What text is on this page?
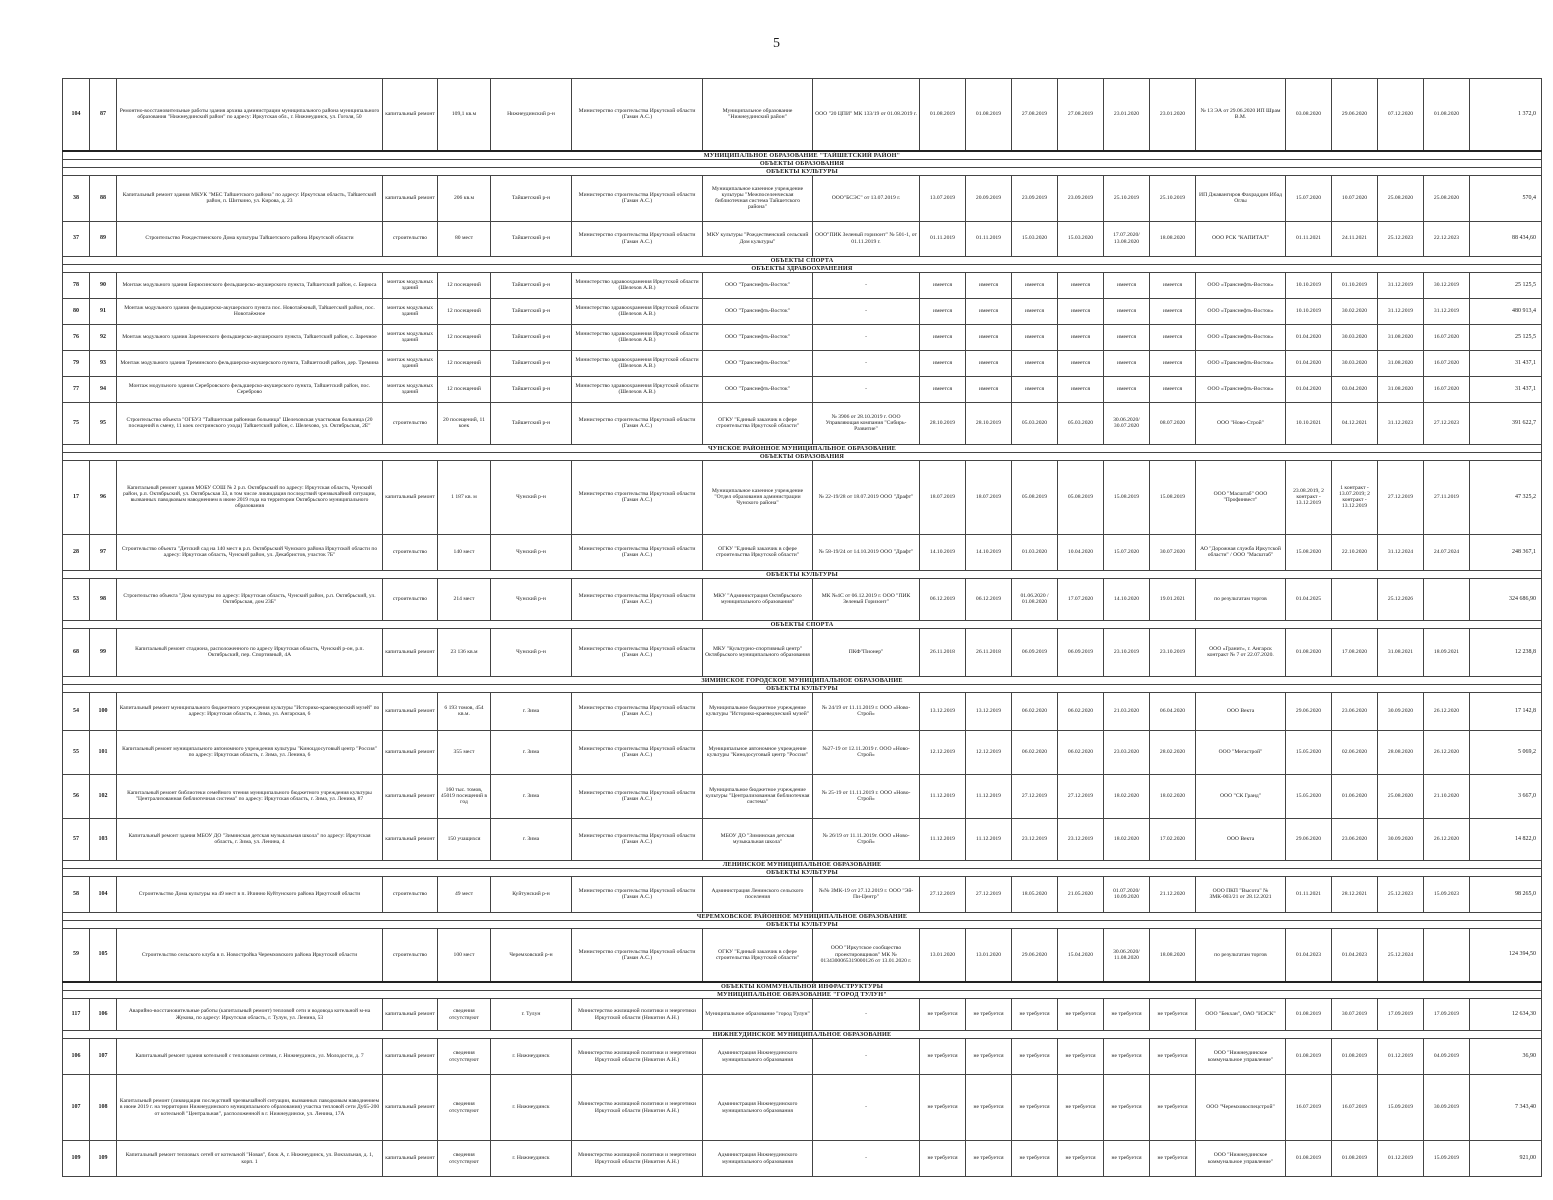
5
104	87	Ремонтно-восстановительные работы здания архива администрации муниципального района муниципального образования "Нижнеудинский район" по адресу: Иркутская обл., г. Нижнеудинск, ул. Гоголя, 50	капитальный ремонт	109,1 кв.м	Нижнеудинский р-н	Министерство строительства Иркутской области (Гаман А.С.)	Муниципальное образование "Нижнеудинский район"	ООО "20 ЦПИ" МК 133/19 от 01.08.2019 г.	01.08.2019	01.08.2019	27.08.2019	27.08.2019	23.01.2020	23.01.2020	№ 13 ЭА от 29.06.2020 ИП Шрам В.М.	03.08.2020	29.06.2020	07.12.2020	01.08.2020	1 372,0
МУНИЦИПАЛЬНОЕ ОБРАЗОВАНИЕ "ТАЙШЕТСКИЙ РАЙОН"																				
ОБЪЕКТЫ ОБРАЗОВАНИЯ																				
ОБЪЕКТЫ КУЛЬТУРЫ																				
38	88	Капитальный ремонт здания МКУК "МБС Тайшетского района" по адресу: Иркутская область, Тайшетский район, п. Шиткино, ул. Кирова, д. 23	капитальный ремонт	206 кв.м	Тайшетский р-н	Министерство строительства Иркутской области (Гаман А.С.)	Муниципальное казенное учреждение культуры "Межпоселенческая библиотечная система Тайшетского района"	ООО"БСЭС" от 13.07.2019 г.	13.07.2019	20.09.2019	23.09.2019	23.09.2019	25.10.2019	25.10.2019	ИП Джавангиров Фахраддин Ибад Оглы	15.07.2020	10.07.2020	25.08.2020	25.08.2020	570,4
37	89	Строительство Рождественского Дома культуры Тайшетского района Иркутской области	строительство	80 мест	Тайшетский р-н	Министерство строительства Иркутской области (Гаман А.С.)	МКУ культуры "Рождественский сельский Дом культуры"	ООО"ПИК Зеленый горизонт" № 501-1, от 01.11.2019 г.	01.11.2019	01.11.2019	15.03.2020	15.03.2020	17.07.2020/ 13.08.2020	18.08.2020	ООО РСК "КАПИТАЛ"	01.11.2021	24.11.2021	25.12.2023	22.12.2023	88 434,60
ОБЪЕКТЫ СПОРТА																				
ОБЪЕКТЫ ЗДРАВООХРАНЕНИЯ																				
78	90	Монтаж модульного здания Бирюсинского фельдшерско-акушерского пункта, Тайшетский район, с. Бирюса	монтаж модульных зданий	12 посещений	Тайшетский р-н	Министерство здравоохранения Иркутской области (Шелехов А.В.)	ООО "Транснефть-Восток"	-	имеется	имеется	имеется	имеется	имеется	имеется	ООО «Транснефть-Восток»	10.10.2019	01.10.2019	31.12.2019	30.12.2019	25 125,5
80	91	Монтаж модульного здания фельдшерско-акушерского пункта пос. Новотаёжный, Тайшетский район, пос. Новотаёжное	монтаж модульных зданий	12 посещений	Тайшетский р-н	Министерство здравоохранения Иркутской области (Шелехов А.В.)	ООО "Транснефть-Восток"	-	имеется	имеется	имеется	имеется	имеется	имеется	ООО «Транснефть-Восток»	10.10.2019	30.02.2020	31.12.2019	31.12.2019	480 913,4
76	92	Монтаж модульного здания Зареченского фельдшерско-акушерского пункта, Тайшетский район, с. Заречное	монтаж модульных зданий	12 посещений	Тайшетский р-н	Министерство здравоохранения Иркутской области (Шелехов А.В.)	ООО "Транснефть-Восток"	-	имеется	имеется	имеется	имеется	имеется	имеется	ООО «Транснефть-Восток»	01.04.2020	30.03.2020	31.08.2020	16.07.2020	25 125,5
79	93	Монтаж модульного здания Треминского фельдшерско-акушерского пункта, Тайшетский район, дер. Тремина	монтаж модульных зданий	12 посещений	Тайшетский р-н	Министерство здравоохранения Иркутской области (Шелехов А.В.)	ООО "Транснефть-Восток"	-	имеется	имеется	имеется	имеется	имеется	имеется	ООО «Транснефть-Восток»	01.04.2020	30.03.2020	31.08.2020	16.07.2020	31 437,1
77	94	Монтаж модульного здания Серебровского фельдшерско-акушерского пункта, Тайшетский район, пос. Сереброво	монтаж модульных зданий	12 посещений	Тайшетский р-н	Министерство здравоохранения Иркутской области (Шелехов А.В.)	ООО "Транснефть-Восток"	-	имеется	имеется	имеется	имеется	имеется	имеется	ООО «Транснефть-Восток»	01.04.2020	03.04.2020	31.08.2020	16.07.2020	31 437,1
75	95	Строительство объекта "ОГБУЗ "Тайшетская районная больница" Шелеховская участковая больница (20 посещений в смену, 11 коек сестринского ухода) Тайшетский район, с. Шелехово, ул. Октябрьская, 2Е"	строительство	20 посещений, 11 коек	Тайшетский р-н	Министерство строительства Иркутской области (Гаман А.С.)	ОГКУ "Единый заказчик в сфере строительства Иркутской области"	№ 3906 от 28.10.2019 г. ООО Управляющая компания "Сибирь-Развитие"	28.10.2019	28.10.2019	05.03.2020	05.03.2020	30.06.2020/ 30.07.2020	08.07.2020	ООО "Ново-Строй"	10.10.2021	04.12.2021	31.12.2023	27.12.2023	391 622,7
ЧУНСКОЕ РАЙОННОЕ МУНИЦИПАЛЬНОЕ ОБРАЗОВАНИЕ																				
ОБЪЕКТЫ ОБРАЗОВАНИЯ																				
17	96	Капитальный ремонт здания МОБУ СОШ № 2 р.п. Октябрьский по адресу: Иркутская область, Чунский район, р.п. Октябрьский, ул. Октябрьская 33, в том числе ликвидация последствий чрезвычайной ситуации, вызванных паводковым наводнением в июне 2019 года на территории Октябрьского муниципального образования	капитальный ремонт	1 187 кв. м	Чунский р-н	Министерство строительства Иркутской области (Гаман А.С.)	Муниципальное казенное учреждение "Отдел образования администрации Чунского района"	№ 22-19/28 от 18.07.2019 ООО "Драфт"	18.07.2019	18.07.2019	05.08.2019	05.08.2019	15.08.2019	15.08.2019	ООО "Масштаб" ООО "Профинвест"	23.08.2019, 2 контракт - 13.12.2019	1 контракт - 13.07.2019; 2 контракт - 13.12.2019	27.12.2019	27.11.2019	47 325,2
28	97	Строительство объекта "Детский сад на 140 мест в р.п. Октябрьский Чунского района Иркутской области по адресу: Иркутская область, Чунский район, ул. Декабристов, участок 7Б"	строительство	140 мест	Чунский р-н	Министерство строительства Иркутской области (Гаман А.С.)	ОГКУ "Единый заказчик в сфере строительства Иркутской области"	№ 58-19/24 от 14.10.2019 ООО "Драфт"	14.10.2019	14.10.2019	01.03.2020	10.04.2020	15.07.2020	30.07.2020	АО "Дорожная служба Иркутской области" / ООО "Масштаб"	15.08.2020	22.10.2020	31.12.2024	24.07.2024	248 367,1
ОБЪЕКТЫ КУЛЬТУРЫ																				
53	98	Строительство объекта "Дом культуры по адресу: Иркутская область, Чунский район, р.п. Октябрьский, ул. Октябрьская, дом 23Б"	строительство	214 мест	Чунский р-н	Министерство строительства Иркутской области (Гаман А.С.)	МКУ "Администрация Октябрьского муниципального образования"	МК №4С от 06.12.2019 г. ООО "ПИК Зеленый Горизонт"	06.12.2019	06.12.2019	01.06.2020 / 01.08.2020	17.07.2020	14.10.2020	19.01.2021	по результатам торгов	01.04.2025		25.12.2026		324 686,90
ОБЪЕКТЫ СПОРТА																				
68	99	Капитальный ремонт стадиона, расположенного по адресу Иркутская область, Чунский р-он, р.п. Октябрьский, пер. Спортивный, 4А	капитальный ремонт	23 136 кв.м	Чунский р-н	Министерство строительства Иркутской области (Гаман А.С.)	МКУ "Культурно-спортивный центр" Октябрьского муниципального образования	ПКФ"Пионер"	26.11.2018	26.11.2018	06.09.2019	06.09.2019	23.10.2019	23.10.2019	ООО «Гранит», г. Ангарск контракт № 7 от 22.07.2020.	01.08.2020	17.08.2020	31.08.2021	18.09.2021	12 238,8
ЗИМИНСКОЕ ГОРОДСКОЕ МУНИЦИПАЛЬНОЕ ОБРАЗОВАНИЕ																				
ОБЪЕКТЫ КУЛЬТУРЫ																				
54	100	Капитальный ремонт муниципального бюджетного учреждения культуры "Историко-краеведческий музей" по адресу: Иркутская область, г. Зима, ул. Ангарская, 6	капитальный ремонт	6 193 томов, 454 кв.м.	г. Зима	Министерство строительства Иркутской области (Гаман А.С.)	Муниципальное бюджетное учреждение культуры "Историко-краеведческий музей"	№ 24/19 от 11.11.2019 г. ООО «Ново-Строй»	13.12.2019	13.12.2019	06.02.2020	06.02.2020	21.03.2020	06.04.2020	ООО Векта	29.06.2020	23.06.2020	30.09.2020	26.12.2020	17 142,8
55	101	Капитальный ремонт муниципального автономного учреждения культуры "Киноцдосуговый центр "Россия" по адресу: Иркутская область, г. Зима, ул. Ленина, 6	капитальный ремонт	355 мест	г. Зима	Министерство строительства Иркутской области (Гаман А.С.)	Муниципальное автономное учреждение культуры "Кинодосуговый центр "Россия"	№27-19 от 12.11.2019 г. ООО «Ново-Строй»	12.12.2019	12.12.2019	06.02.2020	06.02.2020	23.03.2020	28.02.2020	ООО "Мегастрой"	15.05.2020	02.06.2020	28.08.2020	26.12.2020	5 069,2
56	102	Капитальный ремонт библиотеки семейного чтения муниципального бюджетного учреждения культуры "Централизованная библиотечная система" по адресу: Иркутская область, г. Зима, ул. Ленина, 87	капитальный ремонт	160 тыс. томов, 45019 посещений в год	г. Зима	Министерство строительства Иркутской области (Гаман А.С.)	Муниципальное бюджетное учреждение культуры "Централизованная библиотечная система"	№ 25-19 от 11.11.2019 г. ООО «Ново-Строй»	11.12.2019	11.12.2019	27.12.2019	27.12.2019	18.02.2020	18.02.2020	ООО "СК Гранд"	15.05.2020	01.06.2020	25.08.2020	21.10.2020	3 667,0
57	103	Капитальный ремонт здания МБОУ ДО "Зиминская детская музыкальная школа" по адресу: Иркутская область, г. Зима, ул. Ленина, 4	капитальный ремонт	150 учащихся	г. Зима	Министерство строительства Иркутской области (Гаман А.С.)	МБОУ ДО "Зиминская детская музыкальная школа"	№ 26/19 от 11.11.2019г. ООО «Ново-Строй»	11.12.2019	11.12.2019	23.12.2019	23.12.2019	18.02.2020	17.02.2020	ООО Векта	29.06.2020	23.06.2020	30.09.2020	26.12.2020	14 822,0
ЛЕНИНСКОЕ МУНИЦИПАЛЬНОЕ ОБРАЗОВАНИЕ																				
ОБЪЕКТЫ КУЛЬТУРЫ																				
58	104	Строительство Дома культуры на 49 мест в п. Ичинно Куйтунского района Иркутской области	строительство	49 мест	Куйтунский р-н	Министерство строительства Иркутской области (Гаман А.С.)	Администрация Ленинского сельского поселения	№№ ЗМК-19 от 27.12.2019 г. ООО "Эй-Пи-Центр"	27.12.2019	27.12.2019	18.05.2020	21.05.2020	01.07.2020/ 10.09.2020	21.12.2020	ООО ПКП "Высота" № ЗМК-003/21 от 28.12.2021	01.11.2021	28.12.2021	25.12.2023	15.09.2023	98 265,0
ЧЕРЕМХОВСКОЕ РАЙОННОЕ МУНИЦИПАЛЬНОЕ ОБРАЗОВАНИЕ																				
ОБЪЕКТЫ КУЛЬТУРЫ																				
59	105	Строительство сельского клуба в п. Новостройка Черемховского района Иркутской области	строительство	100 мест	Черемховский р-н	Министерство строительства Иркутской области (Гаман А.С.)	ОГКУ "Единый заказчик в сфере строительства Иркутской области"	ООО "Иркутское сообщество проектировщиков" МК № 0134300065319000126 от 13.01.2020 г.	13.01.2020	13.01.2020	29.06.2020	15.04.2020	30.06.2020/ 11.08.2020	18.08.2020	по результатам торгов	01.04.2023	01.04.2023	25.12.2024		124 394,50
ОБЪЕКТЫ КОММУНАЛЬНОЙ ИНФРАСТРУКТУРЫ																				
МУНИЦИПАЛЬНОЕ ОБРАЗОВАНИЕ "ГОРОД ТУЛУН"																				
117	106	Аварийно-восстановительные работы (капитальный ремонт) тепловой сети и водовода котельной м-на Жукова, по адресу: Иркутская область, г. Тулун, ул. Ленина, 53	капитальный ремонт	сведения отсутствуют	г. Тулун	Министерство жилищной политики и энергетики Иркутской области (Никитин А.Н.)	Муниципальное образование "город Тулун"	-	не требуется	не требуется	не требуется	не требуется	не требуется	не требуется	ООО "Бекхан", ОАО "ИЭСК"	01.08.2019	30.07.2019	17.09.2019	17.09.2019	12 634,30
НИЖНЕУДИНСКОЕ МУНИЦИПАЛЬНОЕ ОБРАЗОВАНИЕ																				
106	107	Капитальный ремонт здания котельной с тепловыми сетями, г. Нижнеудинск, ул. Молодости, д. 7	капитальный ремонт	сведения отсутствуют	г. Нижнеудинск	Министерство жилищной политики и энергетики Иркутской области (Никитин А.Н.)	Администрация Нижнеудинского муниципального образования	-	не требуется	не требуется	не требуется	не требуется	не требуется	не требуется	ООО "Нижнеудинское коммунальное управление"	01.08.2019	01.08.2019	01.12.2019	04.09.2019	36,90
107	108	Капитальный ремонт (ликвидация последствий чрезвычайной ситуации, вызванных паводковым наводнением в июне 2019 г. на территории Нижнеудинского муниципального образования) участка тепловой сети Ду65-200 от котельной "Центральная", расположенной в г. Нижнеудинске, ул. Ленина, 17А	капитальный ремонт	сведения отсутствуют	г. Нижнеудинск	Министерство жилищной политики и энергетики Иркутской области (Никитин А.Н.)	Администрация Нижнеудинского муниципального образования	-	не требуется	не требуется	не требуется	не требуется	не требуется	не требуется	ООО "Черемховоспецстрой"	16.07.2019	16.07.2019	15.09.2019	30.09.2019	7 343,40
109	109	Капитальный ремонт тепловых сетей от котельной "Новая", блок А, г. Нижнеудинск, ул. Вокзальная, д. 1, корп. 1	капитальный ремонт	сведения отсутствуют	г. Нижнеудинск	Министерство жилищной политики и энергетики Иркутской области (Никитин А.Н.)	Администрация Нижнеудинского муниципального образования	-	не требуется	не требуется	не требуется	не требуется	не требуется	не требуется	ООО "Нижнеудинское коммунальное управление"	01.08.2019	01.08.2019	01.12.2019	15.09.2019	921,00
